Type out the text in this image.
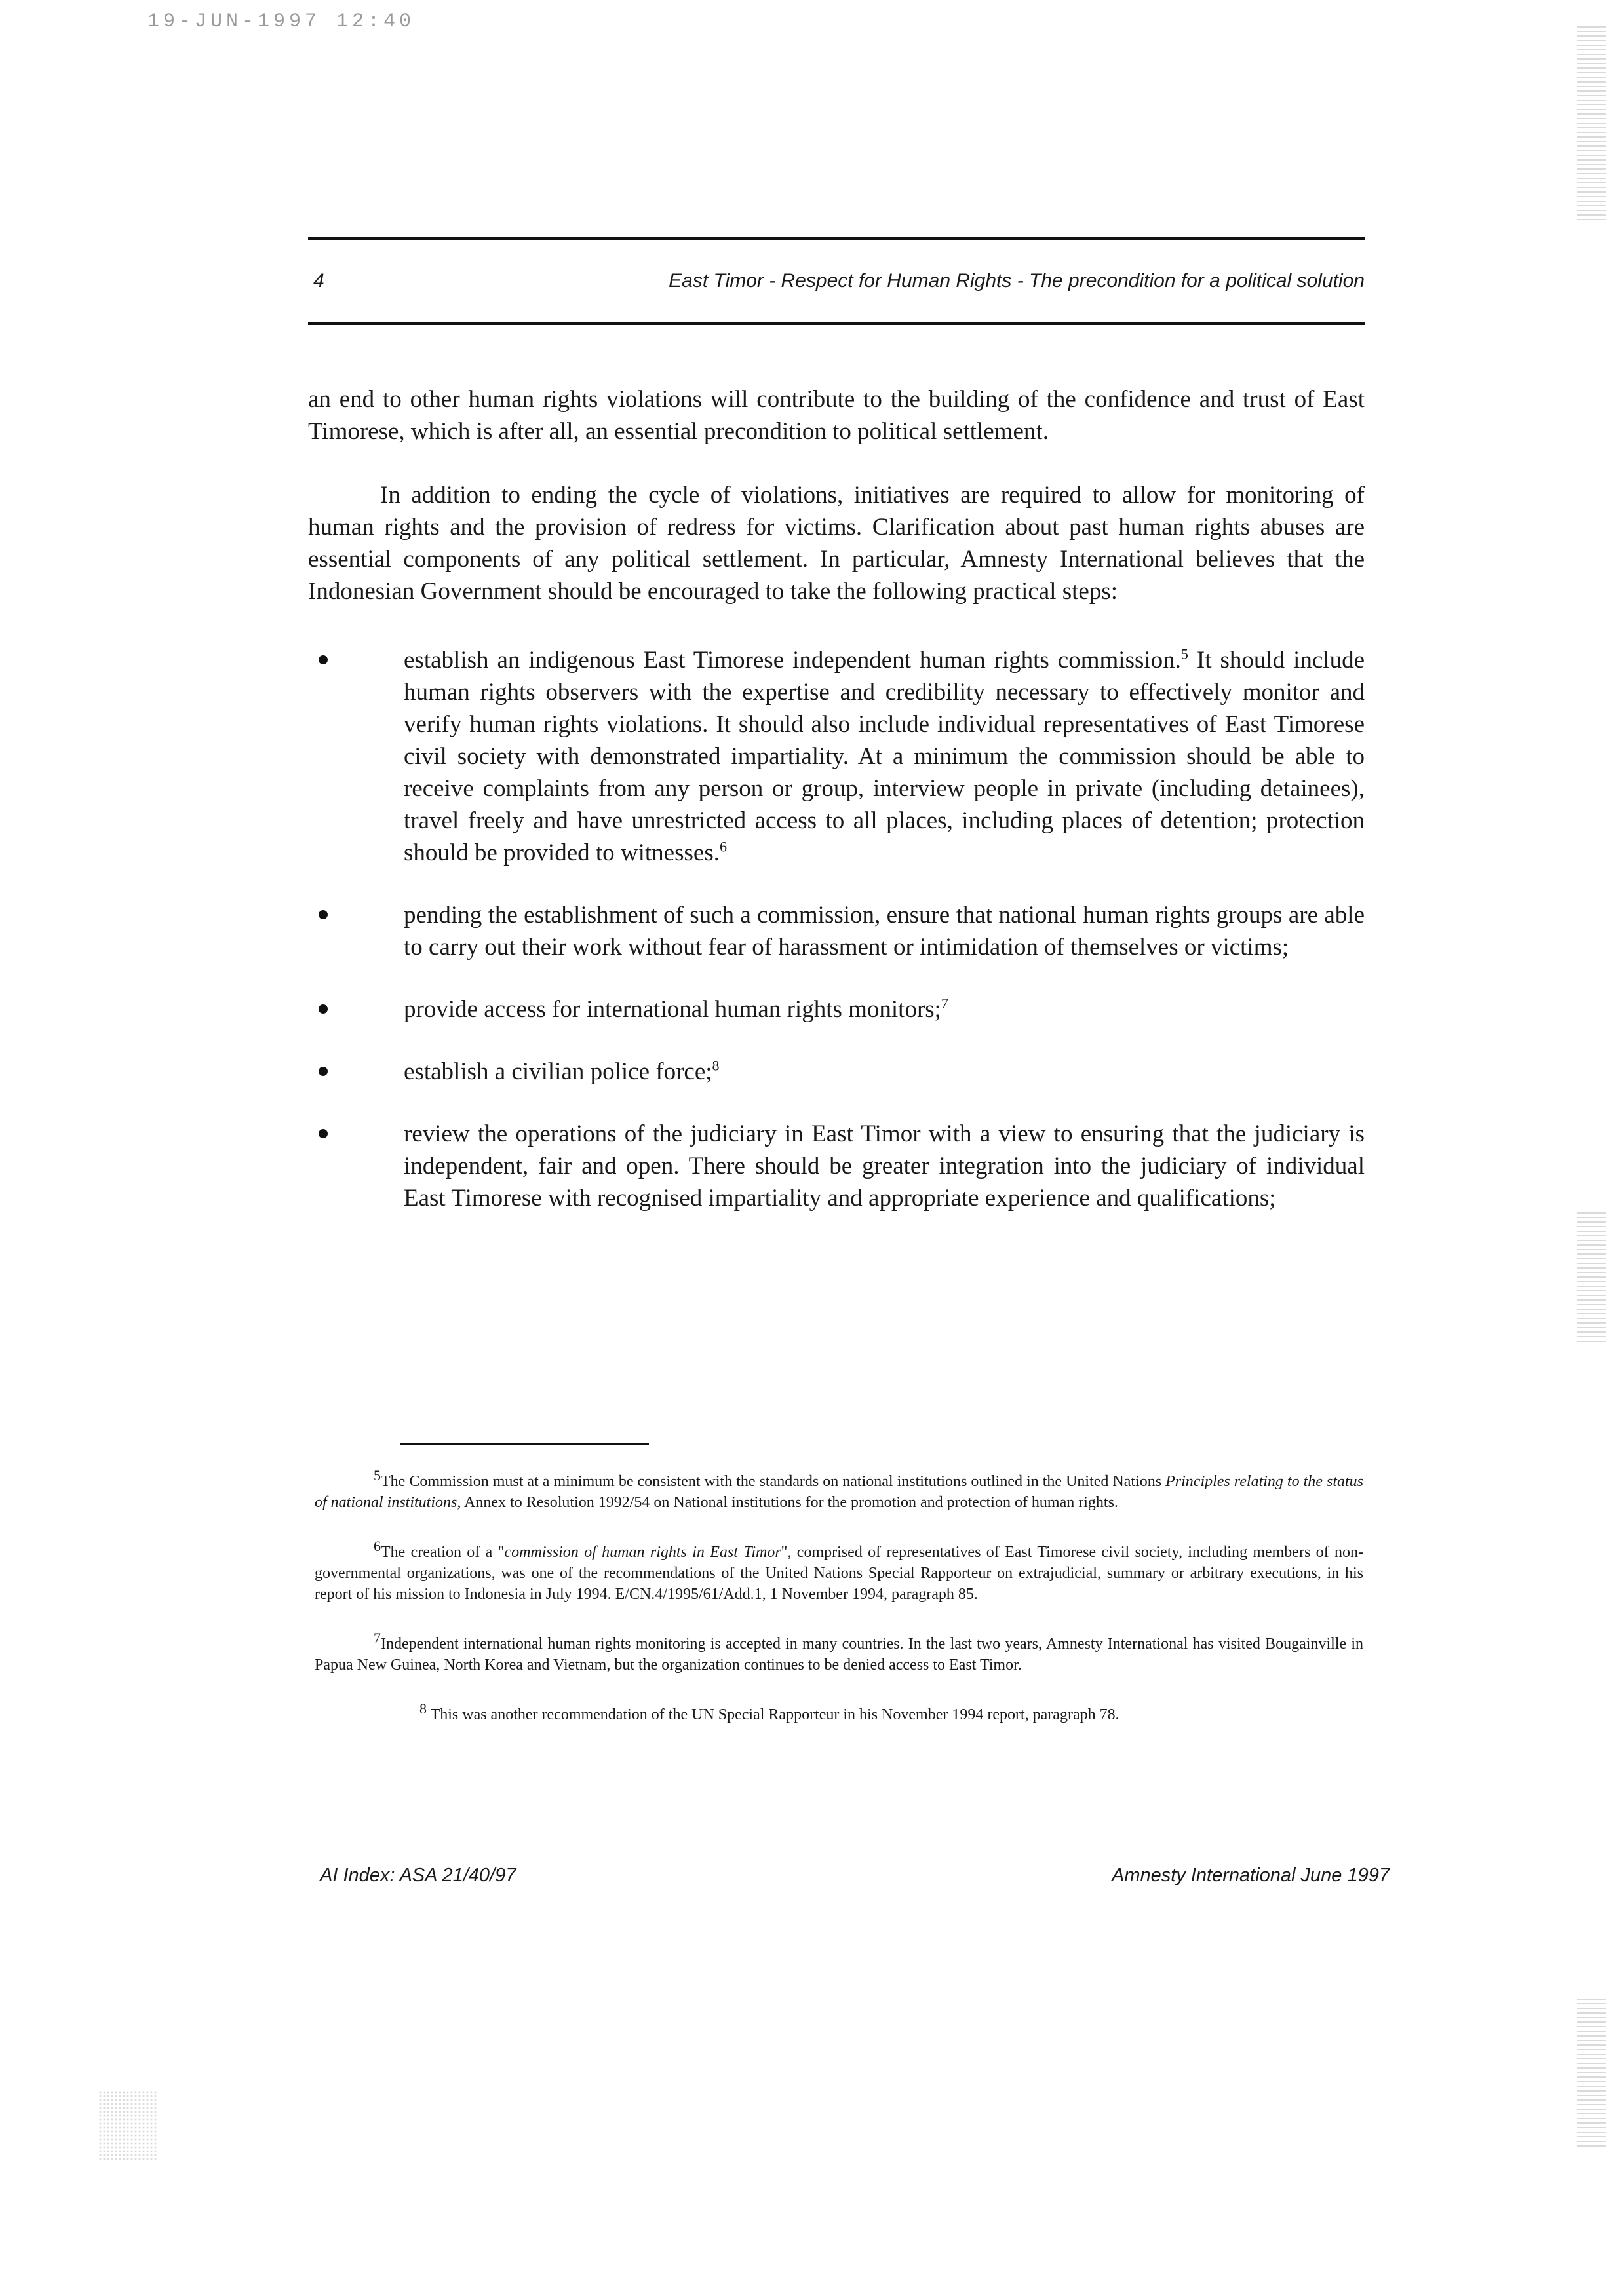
19-JUN-1997 12:40
4	East Timor - Respect for Human Rights - The precondition for a political solution

an end to other human rights violations will contribute to the building of the confidence and trust of East Timorese, which is after all, an essential precondition to political settlement.

In addition to ending the cycle of violations, initiatives are required to allow for monitoring of human rights and the provision of redress for victims. Clarification about past human rights abuses are essential components of any political settlement. In particular, Amnesty International believes that the Indonesian Government should be encouraged to take the following practical steps:

establish an indigenous East Timorese independent human rights commission.$^5$ It should include human rights observers with the expertise and credibility necessary to effectively monitor and verify human rights violations. It should also include individual representatives of East Timorese civil society with demonstrated impartiality. At a minimum the commission should be able to receive complaints from any person or group, interview people in private (including detainees), travel freely and have unrestricted access to all places, including places of detention; protection should be provided to witnesses.$^6$
pending the establishment of such a commission, ensure that national human rights groups are able to carry out their work without fear of harassment or intimidation of themselves or victims;
provide access for international human rights monitors;$^7$
establish a civilian police force;$^8$
review the operations of the judiciary in East Timor with a view to ensuring that the judiciary is independent, fair and open. There should be greater integration into the judiciary of individual East Timorese with recognised impartiality and appropriate experience and qualifications;

$^5$The Commission must at a minimum be consistent with the standards on national institutions outlined in the United Nations Principles relating to the status of national institutions, Annex to Resolution 1992/54 on National institutions for the promotion and protection of human rights.

$^6$The creation of a "commission of human rights in East Timor", comprised of representatives of East Timorese civil society, including members of non-governmental organizations, was one of the recommendations of the United Nations Special Rapporteur on extrajudicial, summary or arbitrary executions, in his report of his mission to Indonesia in July 1994. E/CN.4/1995/61/Add.1, 1 November 1994, paragraph 85.

$^7$Independent international human rights monitoring is accepted in many countries. In the last two years, Amnesty International has visited Bougainville in Papua New Guinea, North Korea and Vietnam, but the organization continues to be denied access to East Timor.

$^8$ This was another recommendation of the UN Special Rapporteur in his November 1994 report, paragraph 78.

AI Index: ASA 21/40/97	Amnesty International June 1997
